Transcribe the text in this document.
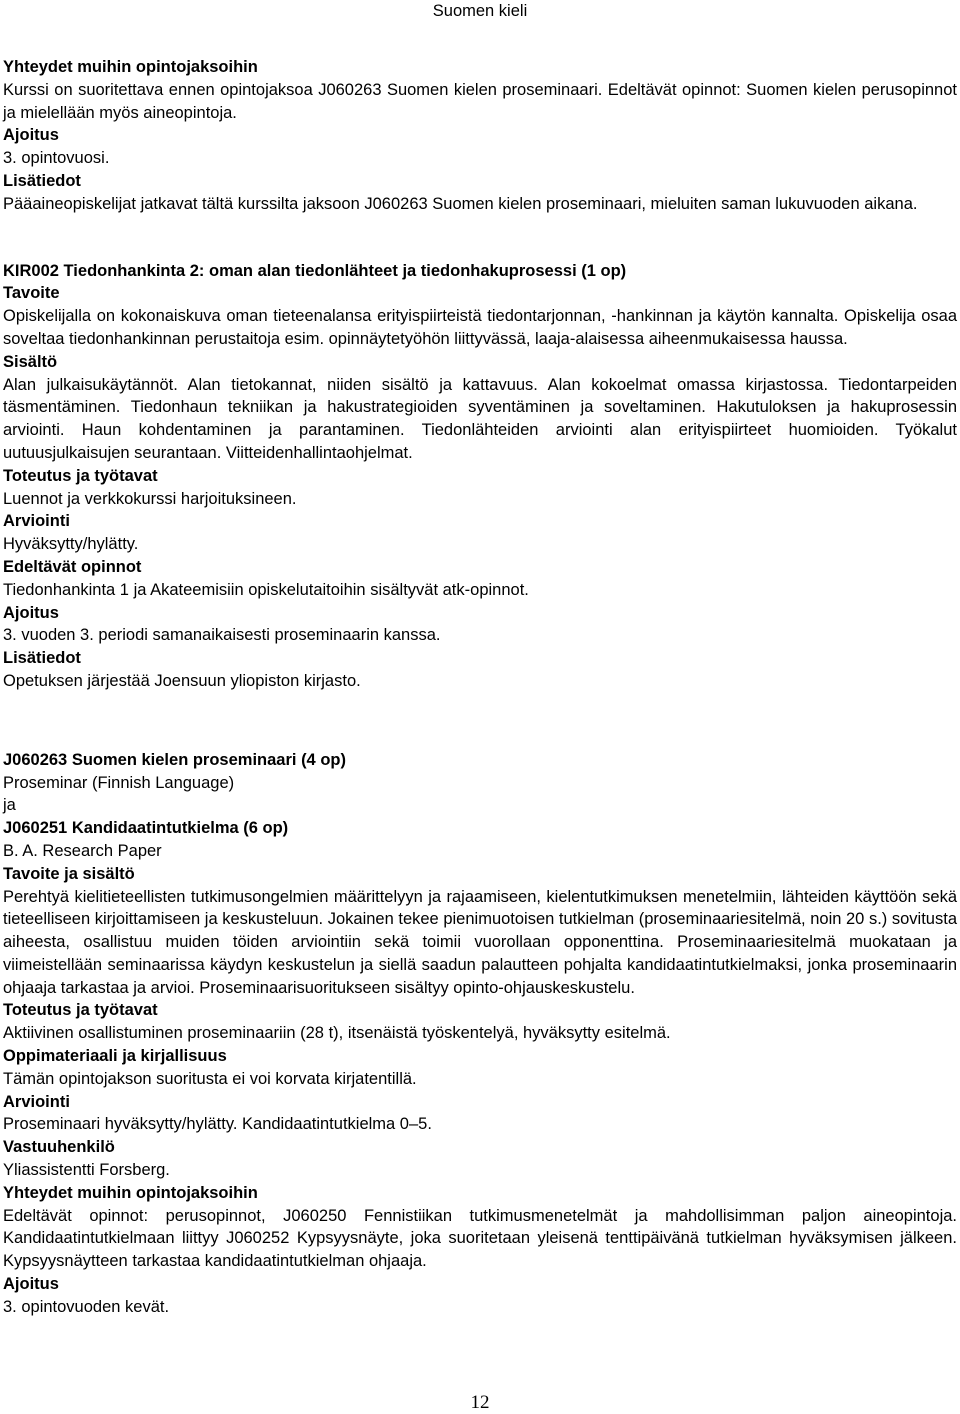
Suomen kieli

Yhteydet muihin opintojaksoihin

Kurssi on suoritettava ennen opintojaksoa J060263 Suomen kielen proseminaari. Edeltävät opinnot: Suomen kielen perusopinnot ja mielellään myös aineopintoja.

Ajoitus

3. opintovuosi.

Lisätiedot

Pääaineopiskelijat jatkavat tältä kurssilta jaksoon J060263 Suomen kielen proseminaari, mieluiten saman lukuvuoden aikana.

KIR002 Tiedonhankinta 2: oman alan tiedonlähteet ja tiedonhakuprosessi (1 op)

Tavoite

Opiskelijalla on kokonaiskuva oman tieteenalansa erityispiirteistä tiedontarjonnan, -hankinnan ja käytön kannalta. Opiskelija osaa soveltaa tiedonhankinnan perustaitoja esim. opinnäytetyöhön liittyvässä, laaja-alaisessa aiheenmukaisessa haussa.

Sisältö

Alan julkaisukäytännöt. Alan tietokannat, niiden sisältö ja kattavuus. Alan kokoelmat omassa kirjastossa. Tiedontarpeiden täsmentäminen. Tiedonhaun tekniikan ja hakustrategioiden syventäminen ja soveltaminen. Hakutuloksen ja hakuprosessin arviointi. Haun kohdentaminen ja parantaminen. Tiedonlähteiden arviointi alan erityispiirteet huomioiden. Työkalut uutuusjulkaisujen seurantaan. Viitteidenhallintaohjelmat.

Toteutus ja työtavat

Luennot ja verkkokurssi harjoituksineen.

Arviointi

Hyväksytty/hylätty.

Edeltävät opinnot

Tiedonhankinta 1 ja Akateemisiin opiskelutaitoihin sisältyvät atk-opinnot.

Ajoitus

3. vuoden 3. periodi samanaikaisesti proseminaarin kanssa.

Lisätiedot

Opetuksen järjestää Joensuun yliopiston kirjasto.

J060263 Suomen kielen proseminaari (4 op)

Proseminar (Finnish Language)

ja

J060251 Kandidaatintutkielma (6 op)

B. A. Research Paper

Tavoite ja sisältö

Perehtyä kielitieteellisten tutkimusongelmien määrittelyyn ja rajaamiseen, kielentutkimuksen menetelmiin, lähteiden käyttöön sekä tieteelliseen kirjoittamiseen ja keskusteluun. Jokainen tekee pienimuotoisen tutkielman (proseminaariesitelmä, noin 20 s.) sovitusta aiheesta, osallistuu muiden töiden arviointiin sekä toimii vuorollaan opponenttina. Proseminaariesitelmä muokataan ja viimeistellään seminaarissa käydyn keskustelun ja siellä saadun palautteen pohjalta kandidaatintutkielmaksi, jonka proseminaarin ohjaaja tarkastaa ja arvioi. Proseminaarisuoritukseen sisältyy opinto-ohjauskeskustelu.

Toteutus ja työtavat

Aktiivinen osallistuminen proseminaariin (28 t), itsenäistä työskentelyä, hyväksytty esitelmä.

Oppimateriaali ja kirjallisuus

Tämän opintojakson suoritusta ei voi korvata kirjatentillä.

Arviointi

Proseminaari hyväksytty/hylätty. Kandidaatintutkielma 0–5.

Vastuuhenkilö

Yliassistentti Forsberg.

Yhteydet muihin opintojaksoihin

Edeltävät opinnot: perusopinnot, J060250 Fennistiikan tutkimusmenetelmät ja mahdollisimman paljon aineopintoja. Kandidaatintutkielmaan liittyy J060252 Kypsyysnäyte, joka suoritetaan yleisenä tenttipäivänä tutkielman hyväksymisen jälkeen. Kypsyysnäytteen tarkastaa kandidaatintutkielman ohjaaja.

Ajoitus

3. opintovuoden kevät.

12
